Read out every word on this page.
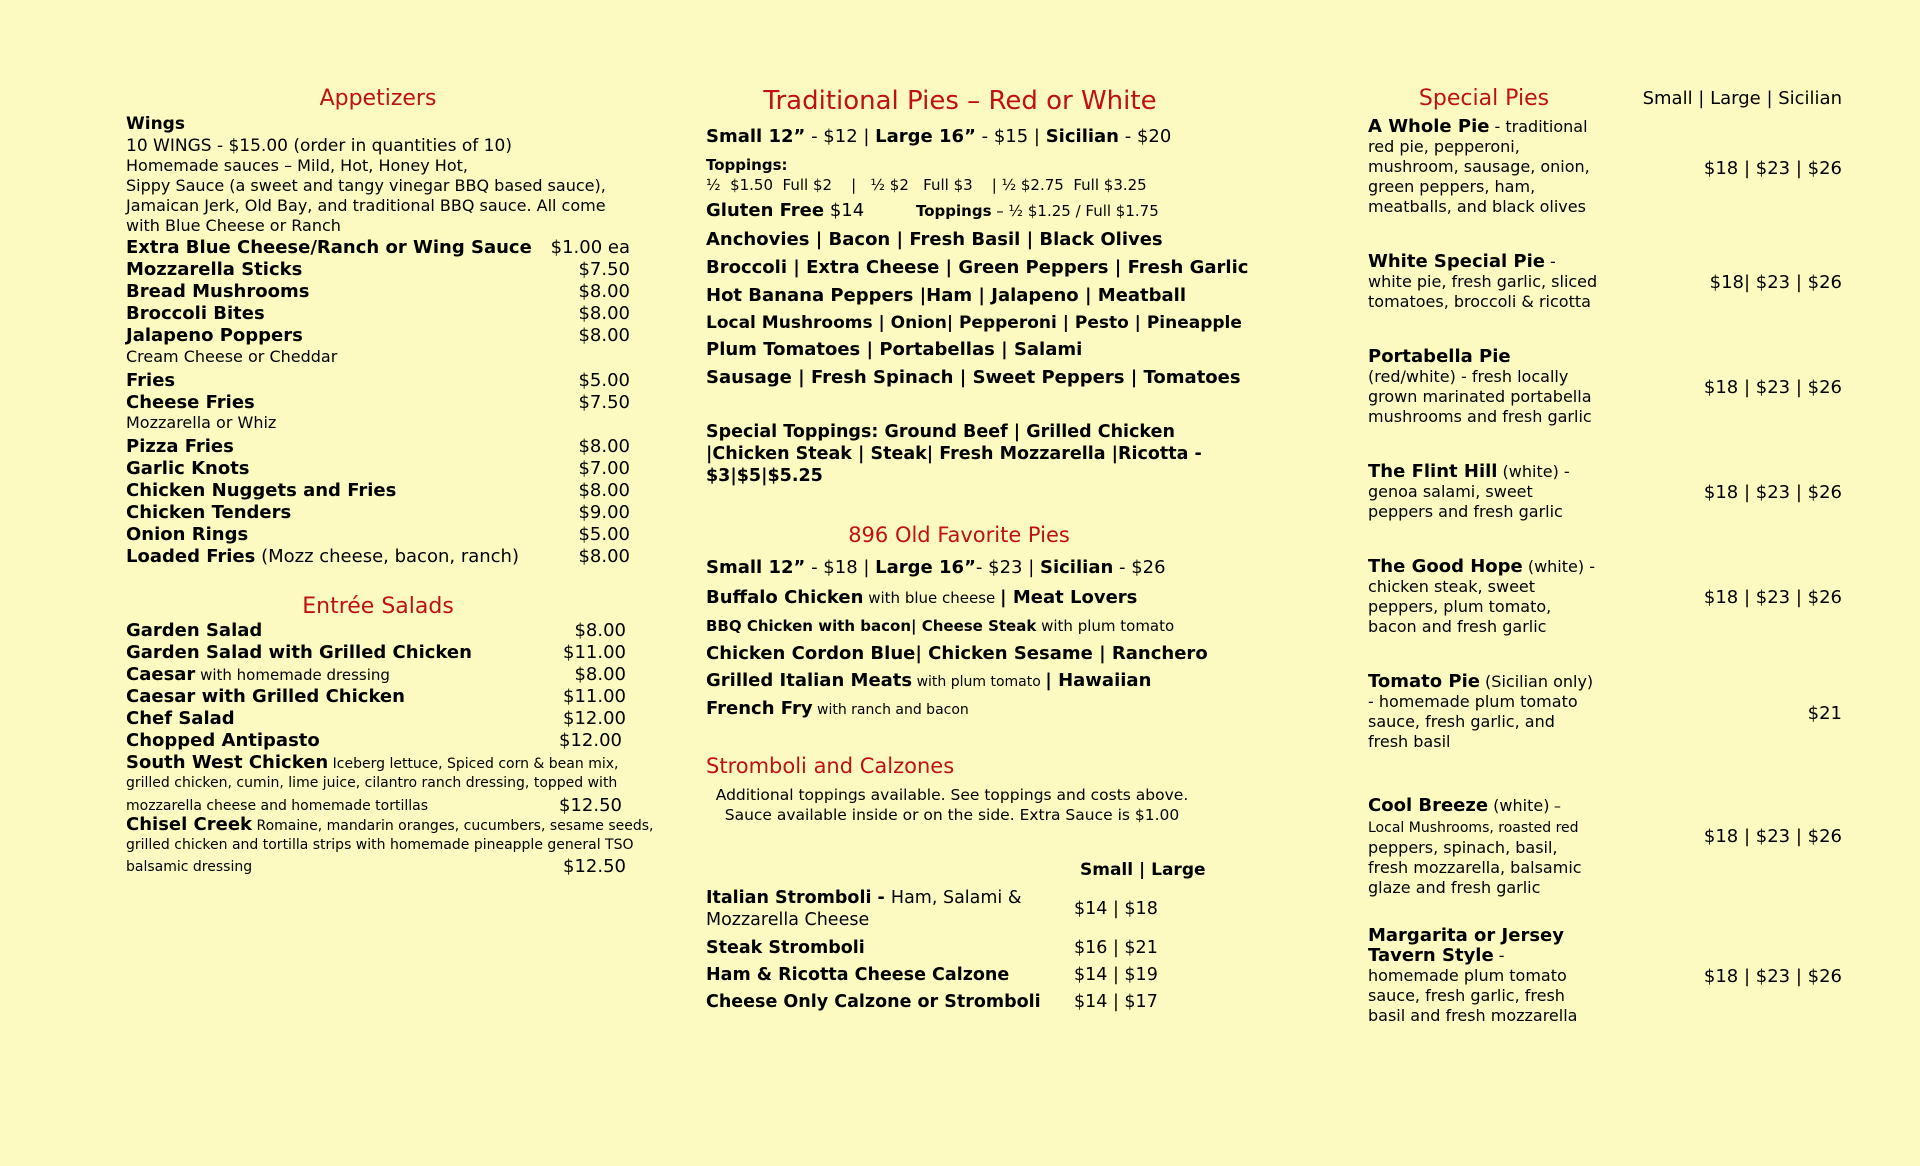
Appetizers
Wings
10 WINGS - $15.00 (order in quantities of 10)
Homemade sauces – Mild, Hot, Honey Hot,
Sippy Sauce (a sweet and tangy vinegar BBQ based sauce),
Jamaican Jerk, Old Bay, and traditional BBQ sauce. All come
with Blue Cheese or Ranch
Extra Blue Cheese/Ranch or Wing Sauce $1.00 ea
Mozzarella Sticks	$7.50
Bread Mushrooms	$8.00
Broccoli Bites	$8.00
Jalapeno Poppers	$8.00
Cream Cheese or Cheddar
Fries	$5.00
Cheese Fries	$7.50
Mozzarella or Whiz
Pizza Fries	$8.00
Garlic Knots	$7.00
Chicken Nuggets and Fries	$8.00
Chicken Tenders	$9.00
Onion Rings	$5.00
Loaded Fries (Mozz cheese, bacon, ranch)	$8.00
Entrée Salads
Garden Salad	$8.00
Garden Salad with Grilled Chicken	$11.00
Caesar with homemade dressing	$8.00
Caesar with Grilled Chicken	$11.00
Chef Salad	$12.00
Chopped Antipasto	$12.00
South West Chicken Iceberg lettuce, Spiced corn & bean mix,
grilled chicken, cumin, lime juice, cilantro ranch dressing, topped with
mozzarella cheese and homemade tortillas	$12.50
Chisel Creek Romaine, mandarin oranges, cucumbers, sesame seeds,
grilled chicken and tortilla strips with homemade pineapple general TSO
balsamic dressing	$12.50
Traditional Pies – Red or White
Small 12” - $12 | Large 16” - $15 | Sicilian - $20
Toppings:
½  $1.50  Full $2    |   ½ $2   Full $3    | ½ $2.75  Full $3.25
Gluten Free $14	Toppings – ½ $1.25 / Full $1.75
Anchovies | Bacon | Fresh Basil | Black Olives
Broccoli | Extra Cheese | Green Peppers | Fresh Garlic
Hot Banana Peppers |Ham | Jalapeno | Meatball
Local Mushrooms | Onion| Pepperoni | Pesto | Pineapple
Plum Tomatoes | Portabellas | Salami
Sausage | Fresh Spinach | Sweet Peppers | Tomatoes
Special Toppings: Ground Beef | Grilled Chicken
|Chicken Steak | Steak| Fresh Mozzarella |Ricotta -
$3|$5|$5.25
896 Old Favorite Pies
Small 12” - $18 | Large 16”- $23 | Sicilian - $26
Buffalo Chicken with blue cheese | Meat Lovers
BBQ Chicken with bacon| Cheese Steak with plum tomato
Chicken Cordon Blue| Chicken Sesame | Ranchero
Grilled Italian Meats with plum tomato | Hawaiian
French Fry with ranch and bacon
Stromboli and Calzones
Additional toppings available. See toppings and costs above.
Sauce available inside or on the side. Extra Sauce is $1.00
Small | Large
Italian Stromboli - Ham, Salami &
Mozzarella Cheese
$14 | $18
Steak Stromboli	$16 | $21
Ham & Ricotta Cheese Calzone	$14 | $19
Cheese Only Calzone or Stromboli $14 | $17
Special Pies	Small | Large | Sicilian
A Whole Pie - traditional red pie, pepperoni, mushroom, sausage, onion, green peppers, ham, meatballs, and black olives
$18 | $23 | $26
White Special Pie - white pie, fresh garlic, sliced tomatoes, broccoli & ricotta
$18| $23 | $26
Portabella Pie (red/white) - fresh locally grown marinated portabella mushrooms and fresh garlic
$18 | $23 | $26
The Flint Hill (white) - genoa salami, sweet peppers and fresh garlic
$18 | $23 | $26
The Good Hope (white) - chicken steak, sweet peppers, plum tomato, bacon and fresh garlic
$18 | $23 | $26
Tomato Pie (Sicilian only) - homemade plum tomato sauce, fresh garlic, and fresh basil
$21
Cool Breeze (white) – Local Mushrooms, roasted red peppers, spinach, basil, fresh mozzarella, balsamic glaze and fresh garlic
$18 | $23 | $26
Margarita or Jersey Tavern Style - homemade plum tomato sauce, fresh garlic, fresh basil and fresh mozzarella
$18 | $23 | $26
